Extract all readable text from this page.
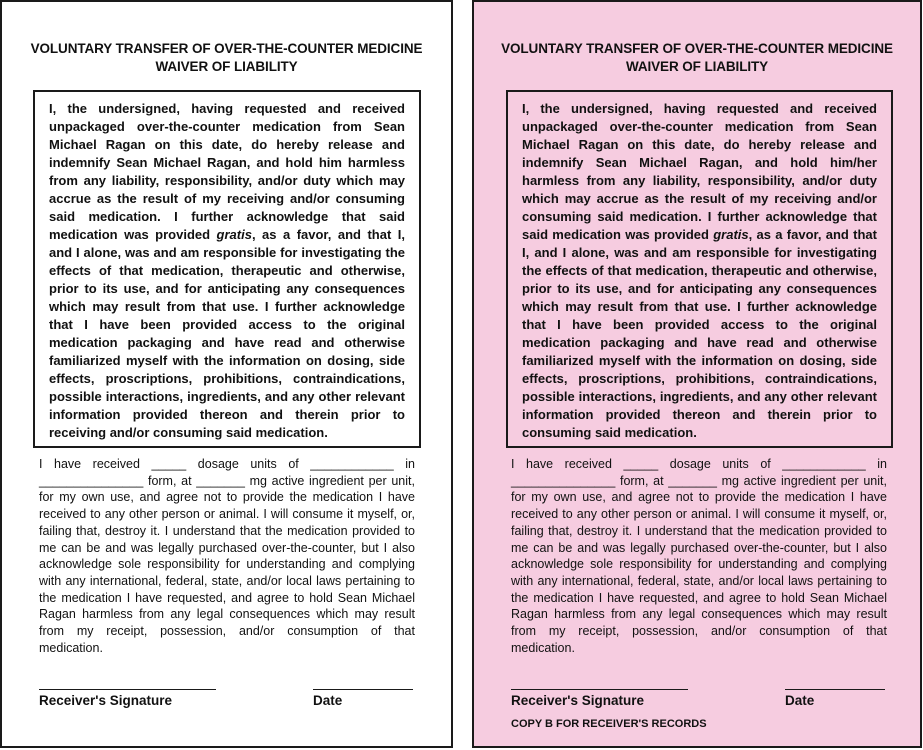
VOLUNTARY TRANSFER OF OVER-THE-COUNTER MEDICINE
WAIVER OF LIABILITY
I, the undersigned, having requested and received unpackaged over-the-counter medication from Sean Michael Ragan on this date, do hereby release and indemnify Sean Michael Ragan, and hold him harmless from any liability, responsibility, and/or duty which may accrue as the result of my receiving and/or consuming said medication. I further acknowledge that said medication was provided gratis, as a favor, and that I, and I alone, was and am responsible for investigating the effects of that medication, therapeutic and otherwise, prior to its use, and for anticipating any consequences which may result from that use. I further acknowledge that I have been provided access to the original medication packaging and have read and otherwise familiarized myself with the information on dosing, side effects, proscriptions, prohibitions, contraindications, possible interactions, ingredients, and any other relevant information provided thereon and therein prior to receiving and/or consuming said medication.
I have received _____ dosage units of ____________ in _______________ form, at _______ mg active ingredient per unit, for my own use, and agree not to provide the medication I have received to any other person or animal. I will consume it myself, or, failing that, destroy it. I understand that the medication provided to me can be and was legally purchased over-the-counter, but I also acknowledge sole responsibility for understanding and complying with any international, federal, state, and/or local laws pertaining to the medication I have requested, and agree to hold Sean Michael Ragan harmless from any legal consequences which may result from my receipt, possession, and/or consumption of that medication.
Receiver's Signature	Date
VOLUNTARY TRANSFER OF OVER-THE-COUNTER MEDICINE
WAIVER OF LIABILITY
I, the undersigned, having requested and received unpackaged over-the-counter medication from Sean Michael Ragan on this date, do hereby release and indemnify Sean Michael Ragan, and hold him/her harmless from any liability, responsibility, and/or duty which may accrue as the result of my receiving and/or consuming said medication. I further acknowledge that said medication was provided gratis, as a favor, and that I, and I alone, was and am responsible for investigating the effects of that medication, therapeutic and otherwise, prior to its use, and for anticipating any consequences which may result from that use. I further acknowledge that I have been provided access to the original medication packaging and have read and otherwise familiarized myself with the information on dosing, side effects, proscriptions, prohibitions, contraindications, possible interactions, ingredients, and any other relevant information provided thereon and therein prior to consuming said medication.
I have received _____ dosage units of ____________ in _______________ form, at _______ mg active ingredient per unit, for my own use, and agree not to provide the medication I have received to any other person or animal. I will consume it myself, or, failing that, destroy it. I understand that the medication provided to me can be and was legally purchased over-the-counter, but I also acknowledge sole responsibility for understanding and complying with any international, federal, state, and/or local laws pertaining to the medication I have requested, and agree to hold Sean Michael Ragan harmless from any legal consequences which may result from my receipt, possession, and/or consumption of that medication.
Receiver's Signature	Date
COPY B FOR RECEIVER'S RECORDS
